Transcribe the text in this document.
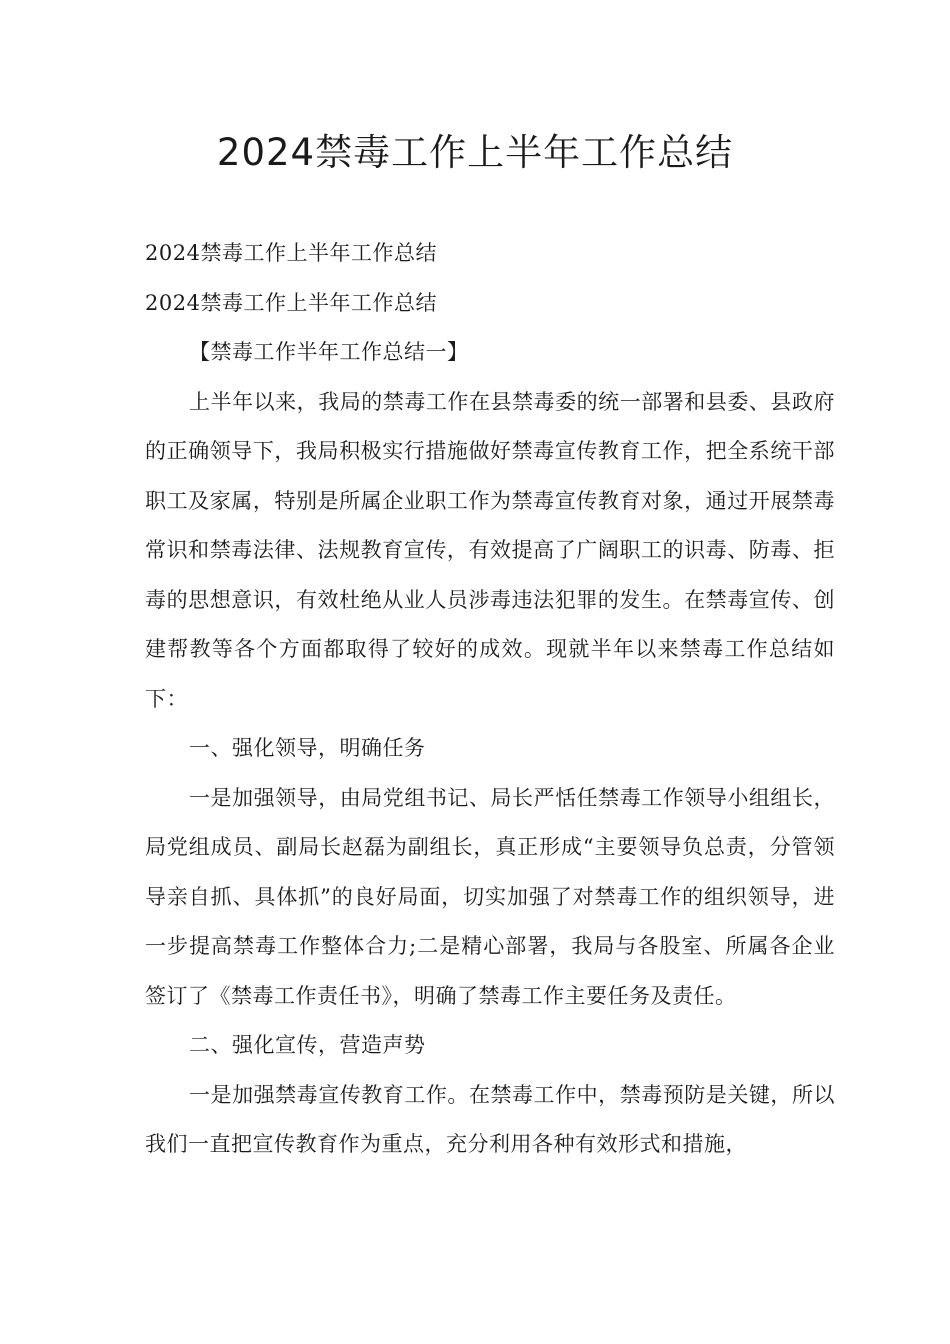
2024禁毒工作上半年工作总结

2024禁毒工作上半年工作总结

2024禁毒工作上半年工作总结

【禁毒工作半年工作总结一】

上半年以来，我局的禁毒工作在县禁毒委的统一部署和县委、县政府的正确领导下，我局积极实行措施做好禁毒宣传教育工作，把全系统干部职工及家属，特别是所属企业职工作为禁毒宣传教育对象，通过开展禁毒常识和禁毒法律、法规教育宣传，有效提高了广阔职工的识毒、防毒、拒毒的思想意识，有效杜绝从业人员涉毒违法犯罪的发生。在禁毒宣传、创建帮教等各个方面都取得了较好的成效。现就半年以来禁毒工作总结如下：

一、强化领导，明确任务

一是加强领导，由局党组书记、局长严恬任禁毒工作领导小组组长，局党组成员、副局长赵磊为副组长，真正形成“主要领导负总责，分管领导亲自抓、具体抓”的良好局面，切实加强了对禁毒工作的组织领导，进一步提高禁毒工作整体合力;二是精心部署，我局与各股室、所属各企业签订了《禁毒工作责任书》，明确了禁毒工作主要任务及责任。

二、强化宣传，营造声势

一是加强禁毒宣传教育工作。在禁毒工作中，禁毒预防是关键，所以我们一直把宣传教育作为重点，充分利用各种有效形式和措施，
